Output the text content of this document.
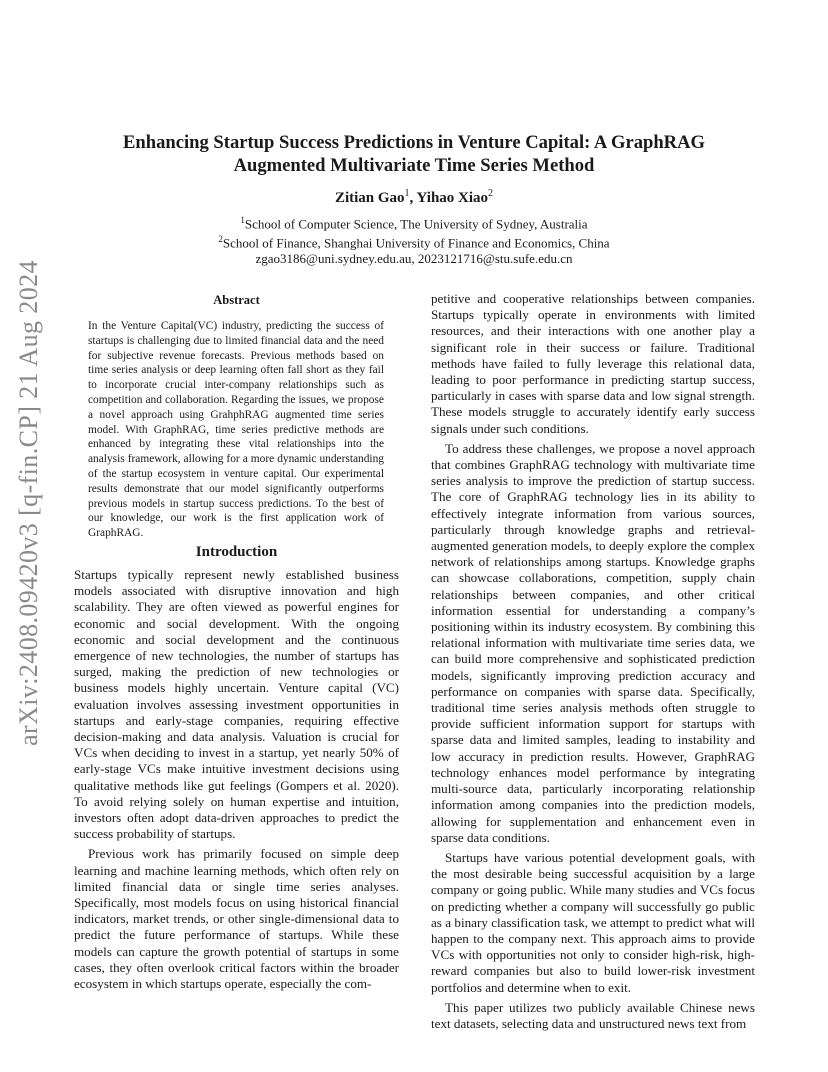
arXiv:2408.09420v3 [q-fin.CP] 21 Aug 2024
Enhancing Startup Success Predictions in Venture Capital: A GraphRAG Augmented Multivariate Time Series Method
Zitian Gao$^1$, Yihao Xiao$^2$
$^1$School of Computer Science, The University of Sydney, Australia
$^2$School of Finance, Shanghai University of Finance and Economics, China
zgao3186@uni.sydney.edu.au, 2023121716@stu.sufe.edu.cn
Abstract

In the Venture Capital(VC) industry, predicting the success of startups is challenging due to limited financial data and the need for subjective revenue forecasts. Previous methods based on time series analysis or deep learning often fall short as they fail to incorporate crucial inter-company relationships such as competition and collaboration. Regarding the issues, we propose a novel approach using GrahphRAG augmented time series model. With GraphRAG, time series predictive methods are enhanced by integrating these vital relationships into the analysis framework, allowing for a more dynamic understanding of the startup ecosystem in venture capital. Our experimental results demonstrate that our model significantly outperforms previous models in startup success predictions. To the best of our knowledge, our work is the first application work of GraphRAG.

Introduction

Startups typically represent newly established business models associated with disruptive innovation and high scalability. They are often viewed as powerful engines for economic and social development. With the ongoing economic and social development and the continuous emergence of new technologies, the number of startups has surged, making the prediction of new technologies or business models highly uncertain. Venture capital (VC) evaluation involves assessing investment opportunities in startups and early-stage companies, requiring effective decision-making and data analysis. Valuation is crucial for VCs when deciding to invest in a startup, yet nearly 50% of early-stage VCs make intuitive investment decisions using qualitative methods like gut feelings (Gompers et al. 2020). To avoid relying solely on human expertise and intuition, investors often adopt data-driven approaches to predict the success probability of startups.

Previous work has primarily focused on simple deep learning and machine learning methods, which often rely on limited financial data or single time series analyses. Specifically, most models focus on using historical financial indicators, market trends, or other single-dimensional data to predict the future performance of startups. While these models can capture the growth potential of startups in some cases, they often overlook critical factors within the broader ecosystem in which startups operate, especially the com-

petitive and cooperative relationships between companies. Startups typically operate in environments with limited resources, and their interactions with one another play a significant role in their success or failure. Traditional methods have failed to fully leverage this relational data, leading to poor performance in predicting startup success, particularly in cases with sparse data and low signal strength. These models struggle to accurately identify early success signals under such conditions.

To address these challenges, we propose a novel approach that combines GraphRAG technology with multivariate time series analysis to improve the prediction of startup success. The core of GraphRAG technology lies in its ability to effectively integrate information from various sources, particularly through knowledge graphs and retrieval-augmented generation models, to deeply explore the complex network of relationships among startups. Knowledge graphs can showcase collaborations, competition, supply chain relationships between companies, and other critical information essential for understanding a company’s positioning within its industry ecosystem. By combining this relational information with multivariate time series data, we can build more comprehensive and sophisticated prediction models, significantly improving prediction accuracy and performance on companies with sparse data. Specifically, traditional time series analysis methods often struggle to provide sufficient information support for startups with sparse data and limited samples, leading to instability and low accuracy in prediction results. However, GraphRAG technology enhances model performance by integrating multi-source data, particularly incorporating relationship information among companies into the prediction models, allowing for supplementation and enhancement even in sparse data conditions.

Startups have various potential development goals, with the most desirable being successful acquisition by a large company or going public. While many studies and VCs focus on predicting whether a company will successfully go public as a binary classification task, we attempt to predict what will happen to the company next. This approach aims to provide VCs with opportunities not only to consider high-risk, high-reward companies but also to build lower-risk investment portfolios and determine when to exit.

This paper utilizes two publicly available Chinese news text datasets, selecting data and unstructured news text from
